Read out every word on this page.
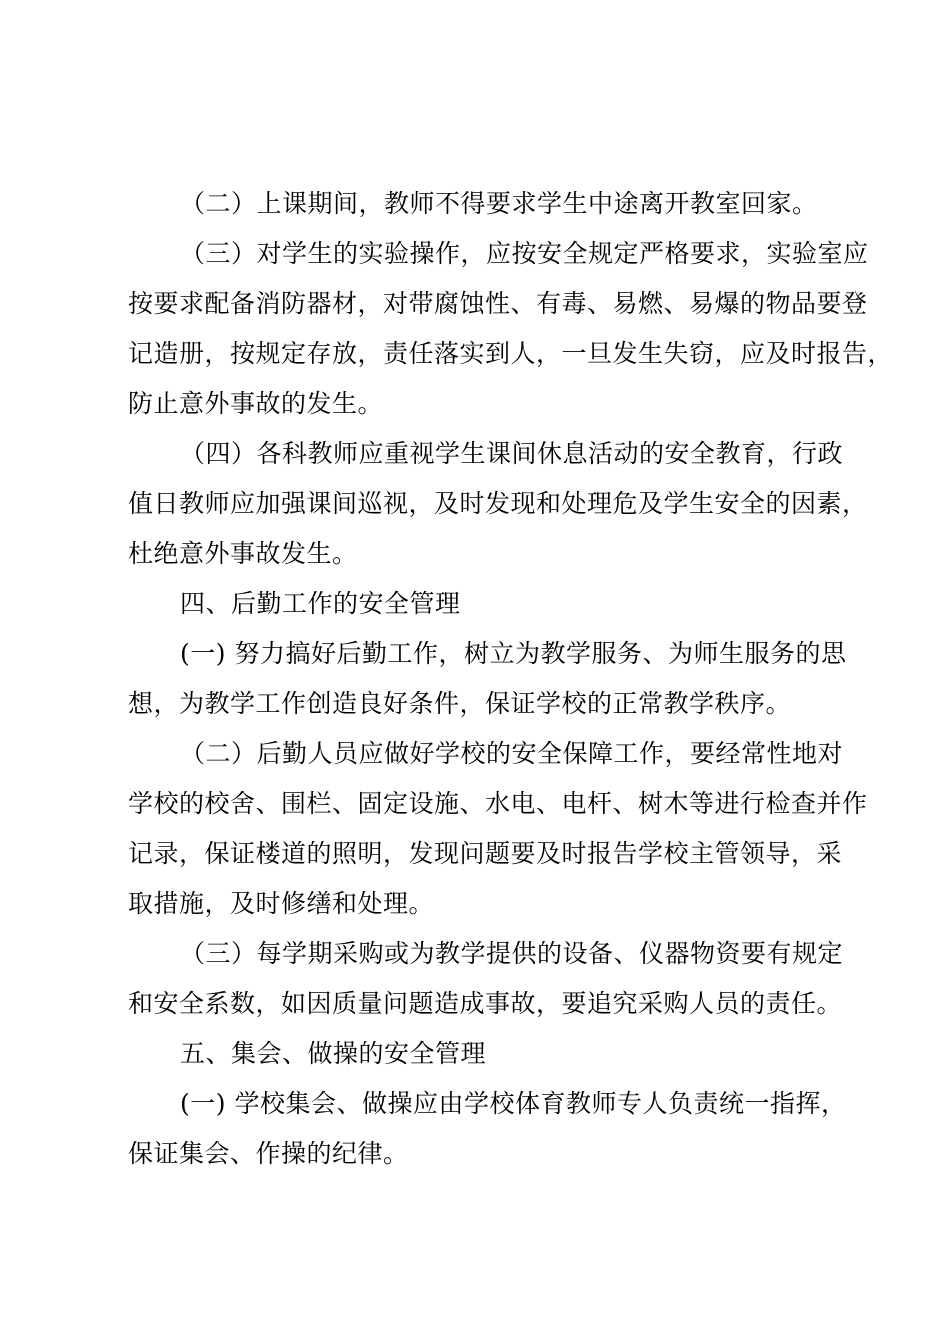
（二）上课期间，教师不得要求学生中途离开教室回家。
（三）对学生的实验操作，应按安全规定严格要求，实验室应
按要求配备消防器材，对带腐蚀性、有毒、易燃、易爆的物品要登
记造册，按规定存放，责任落实到人，一旦发生失窃，应及时报告，
防止意外事故的发生。
（四）各科教师应重视学生课间休息活动的安全教育，行政
值日教师应加强课间巡视，及时发现和处理危及学生安全的因素，
杜绝意外事故发生。
四、后勤工作的安全管理
(一) 努力搞好后勤工作，树立为教学服务、为师生服务的思
想，为教学工作创造良好条件，保证学校的正常教学秩序。
（二）后勤人员应做好学校的安全保障工作，要经常性地对
学校的校舍、围栏、固定设施、水电、电杆、树木等进行检查并作
记录，保证楼道的照明，发现问题要及时报告学校主管领导，采
取措施，及时修缮和处理。
（三）每学期采购或为教学提供的设备、仪器物资要有规定
和安全系数，如因质量问题造成事故，要追究采购人员的责任。
五、集会、做操的安全管理
(一) 学校集会、做操应由学校体育教师专人负责统一指挥，
保证集会、作操的纪律。
